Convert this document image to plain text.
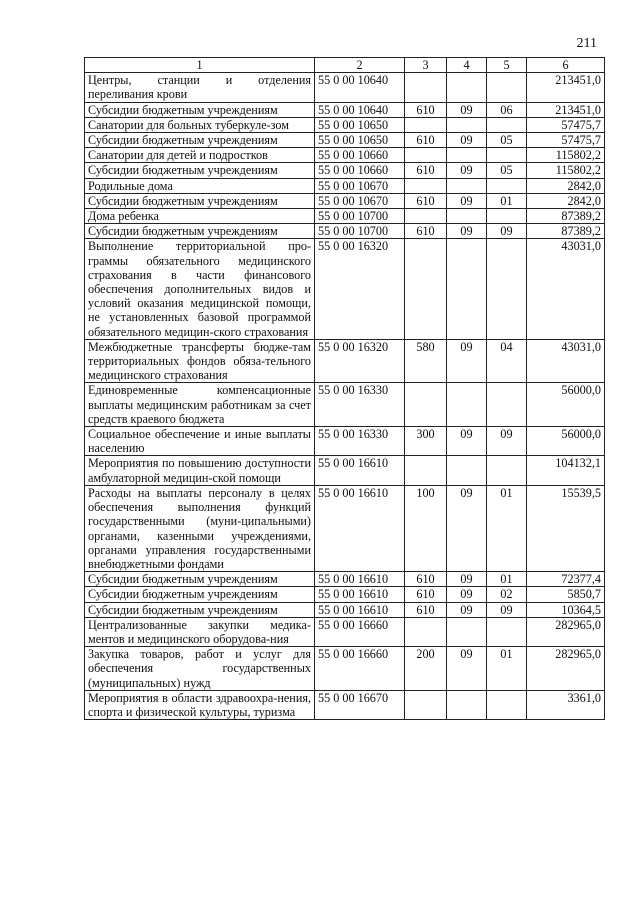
211
1	2	3	4	5	6
Центры, станции и отделения переливания крови	55 0 00 10640				213451,0
Субсидии бюджетным учреждениям	55 0 00 10640	610	09	06	213451,0
Санатории для больных туберкуле-зом	55 0 00 10650				57475,7
Субсидии бюджетным учреждениям	55 0 00 10650	610	09	05	57475,7
Санатории для детей и подростков	55 0 00 10660				115802,2
Субсидии бюджетным учреждениям	55 0 00 10660	610	09	05	115802,2
Родильные дома	55 0 00 10670				2842,0
Субсидии бюджетным учреждениям	55 0 00 10670	610	09	01	2842,0
Дома ребенка	55 0 00 10700				87389,2
Субсидии бюджетным учреждениям	55 0 00 10700	610	09	09	87389,2
Выполнение территориальной про-граммы обязательного медицинского страхования в части финансового обеспечения дополнительных видов и условий оказания медицинской помощи, не установленных базовой программой обязательного медицин-ского страхования	55 0 00 16320				43031,0
Межбюджетные трансферты бюдже-там территориальных фондов обяза-тельного медицинского страхования	55 0 00 16320	580	09	04	43031,0
Единовременные компенсационные выплаты медицинским работникам за счет средств краевого бюджета	55 0 00 16330				56000,0
Социальное обеспечение и иные выплаты населению	55 0 00 16330	300	09	09	56000,0
Мероприятия по повышению доступности амбулаторной медицин-ской помощи	55 0 00 16610				104132,1
Расходы на выплаты персоналу в целях обеспечения выполнения функций государственными (муни-ципальными) органами, казенными учреждениями, органами управления государственными внебюджетными фондами	55 0 00 16610	100	09	01	15539,5
Субсидии бюджетным учреждениям	55 0 00 16610	610	09	01	72377,4
Субсидии бюджетным учреждениям	55 0 00 16610	610	09	02	5850,7
Субсидии бюджетным учреждениям	55 0 00 16610	610	09	09	10364,5
Централизованные закупки медика-ментов и медицинского оборудова-ния	55 0 00 16660				282965,0
Закупка товаров, работ и услуг для обеспечения государственных (муниципальных) нужд	55 0 00 16660	200	09	01	282965,0
Мероприятия в области здравоохра-нения, спорта и физической культуры, туризма	55 0 00 16670				3361,0
